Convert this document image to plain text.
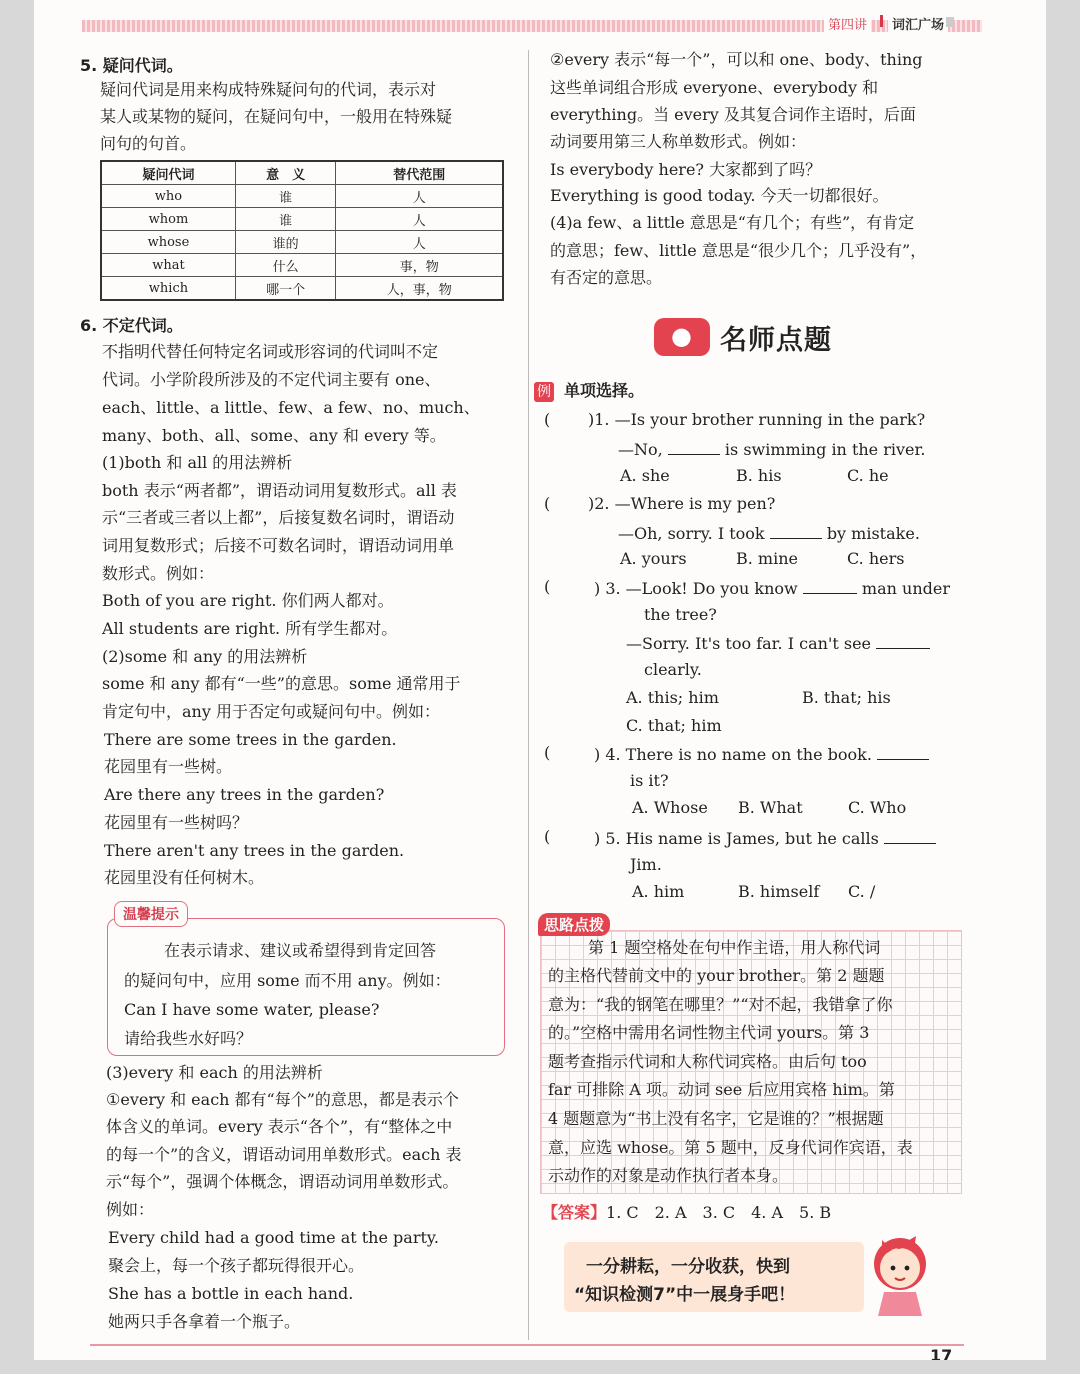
第四讲	词汇广场
5. 疑问代词。
疑问代词是用来构成特殊疑问句的代词，表示对
某人或某物的疑问，在疑问句中，一般用在特殊疑
问句的句首。
疑问代词	意　义	替代范围
who	谁	人
whom	谁	人
whose	谁的	人
what	什么	事，物
which	哪一个	人，事，物
6. 不定代词。
不指明代替任何特定名词或形容词的代词叫不定
代词。小学阶段所涉及的不定代词主要有 one、
each、little、a little、few、a few、no、much、
many、both、all、some、any 和 every 等。
(1)both 和 all 的用法辨析
both 表示“两者都”，谓语动词用复数形式。all 表
示“三者或三者以上都”，后接复数名词时，谓语动
词用复数形式；后接不可数名词时，谓语动词用单
数形式。例如：
Both of you are right. 你们两人都对。
All students are right. 所有学生都对。
(2)some 和 any 的用法辨析
some 和 any 都有“一些”的意思。some 通常用于
肯定句中，any 用于否定句或疑问句中。例如：
There are some trees in the garden.
花园里有一些树。
Are there any trees in the garden?
花园里有一些树吗？
There aren't any trees in the garden.
花园里没有任何树木。
温馨提示
在表示请求、建议或希望得到肯定回答
的疑问句中，应用 some 而不用 any。例如：
Can I have some water, please?
请给我些水好吗？
(3)every 和 each 的用法辨析
①every 和 each 都有“每个”的意思，都是表示个
体含义的单词。every 表示“各个”，有“整体之中
的每一个”的含义，谓语动词用单数形式。each 表
示“每个”，强调个体概念，谓语动词用单数形式。
例如：
Every child had a good time at the party.
聚会上，每一个孩子都玩得很开心。
She has a bottle in each hand.
她两只手各拿着一个瓶子。
②every 表示“每一个”，可以和 one、body、thing
这些单词组合形成 everyone、everybody 和
everything。当 every 及其复合词作主语时，后面
动词要用第三人称单数形式。例如：
Is everybody here? 大家都到了吗？
Everything is good today. 今天一切都很好。
(4)a few、a little 意思是“有几个；有些”，有肯定
的意思；few、little 意思是“很少几个；几乎没有”，
有否定的意思。
● 名师点题
例 单项选择。
( )1. —Is your brother running in the park?
—No,	is swimming in the river.
A. she	B. his	C. he
( )2. —Where is my pen?
—Oh, sorry. I took	by mistake.
A. yours	B. mine	C. hers
(	) 3. —Look! Do you know	man under
the tree?
—Sorry. It's too far. I can't see
clearly.
A. this; him	B. that; his
C. that; him
(	) 4. There is no name on the book.
is it?
A. Whose B. What	C. Who
(	) 5. His name is James, but he calls
Jim.
A. him	B. himself C. /
思路点拨
第 1 题空格处在句中作主语，用人称代词
的主格代替前文中的 your brother。第 2 题题
意为：“我的钢笔在哪里？”“对不起，我错拿了你
的。”空格中需用名词性物主代词 yours。第 3
题考查指示代词和人称代词宾格。由后句 too
far 可排除 A 项。动词 see 后应用宾格 him。第
4 题题意为“书上没有名字，它是谁的？”根据题
意，应选 whose。第 5 题中，反身代词作宾语，表
示动作的对象是动作执行者本身。
【答案】1. C　2. A　3. C　4. A　5. B
一分耕耘，一分收获，快到
“知识检测7”中一展身手吧！
17
